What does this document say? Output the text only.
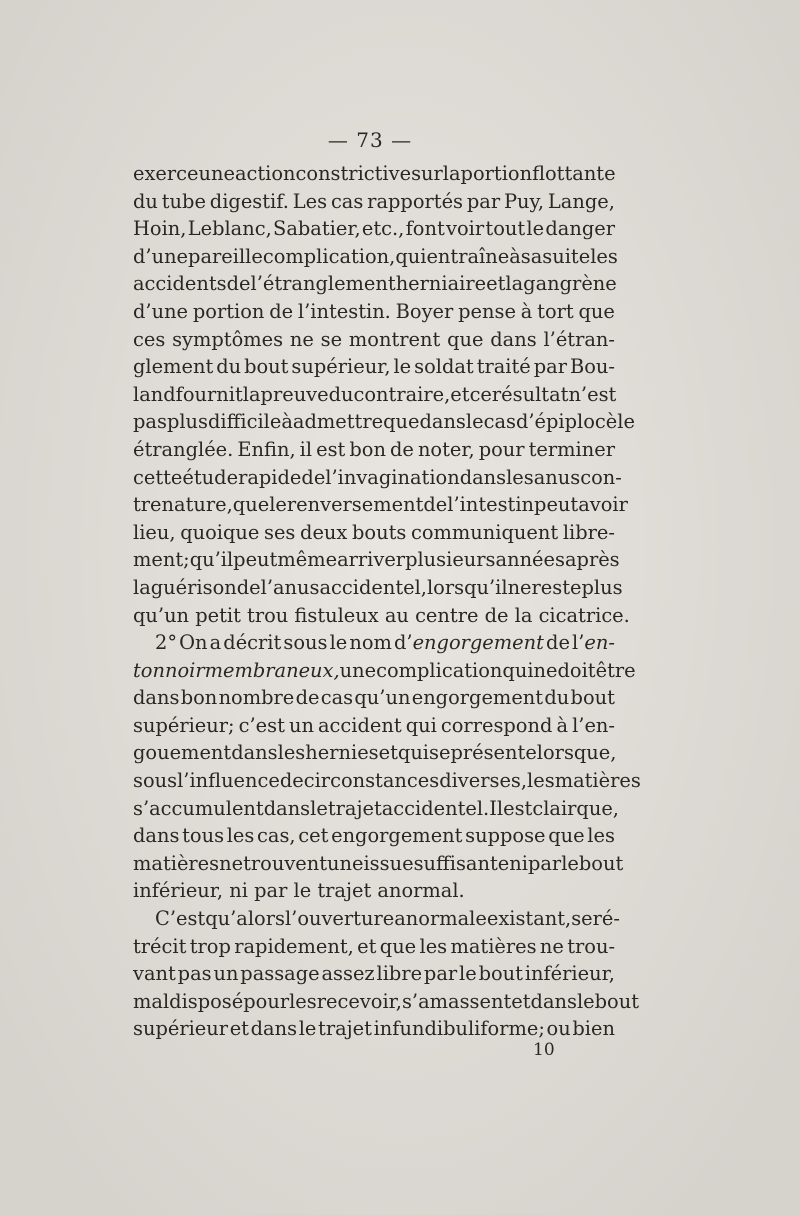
— 73 —
exerce une action constrictive sur la portion flottante
du tube digestif. Les cas rapportés par Puy, Lange,
Hoin, Leblanc, Sabatier, etc., font voir tout le danger
d’une pareille complication, qui entraîne à sa suite les
accidents de l’étranglement herniaire et la gangrène
d’une portion de l’intestin. Boyer pense à tort que
ces symptômes ne se montrent que dans l’étran-
glement du bout supérieur, le soldat traité par Bou-
land fournit la preuve du contraire, et ce résultat n’est
pas plus difficile à admettre que dans le cas d’épiplocèle
étranglée. Enfin, il est bon de noter, pour terminer
cette étude rapide de l’invagination dans les anus con-
tre nature, que le renversement de l’intestin peut avoir
lieu, quoique ses deux bouts communiquent libre-
ment; qu’il peut même arriver plusieurs années après
la guérison de l’anus accidentel, lorsqu’il ne reste plus
qu’un petit trou fistuleux au centre de la cicatrice.
2° On a décrit sous le nom d’engorgement de l’en-
tonnoir membraneux, une complication qui ne doit être
dans bon nombre de cas qu’un engorgement du bout
supérieur; c’est un accident qui correspond à l’en-
gouement dans les hernies et qui se présente lorsque,
sous l’influence de circonstances diverses, les matières
s’accumulent dans le trajet accidentel. Il est clair que,
dans tous les cas, cet engorgement suppose que les
matières ne trouvent une issue suffisante ni par le bout
inférieur, ni par le trajet anormal.
C’est qu’alors l’ouverture anormale existant, se ré-
trécit trop rapidement, et que les matières ne trou-
vant pas un passage assez libre par le bout inférieur,
mal disposé pour les recevoir, s’amassent et dans le bout
supérieur et dans le trajet infundibuliforme; ou bien
10
